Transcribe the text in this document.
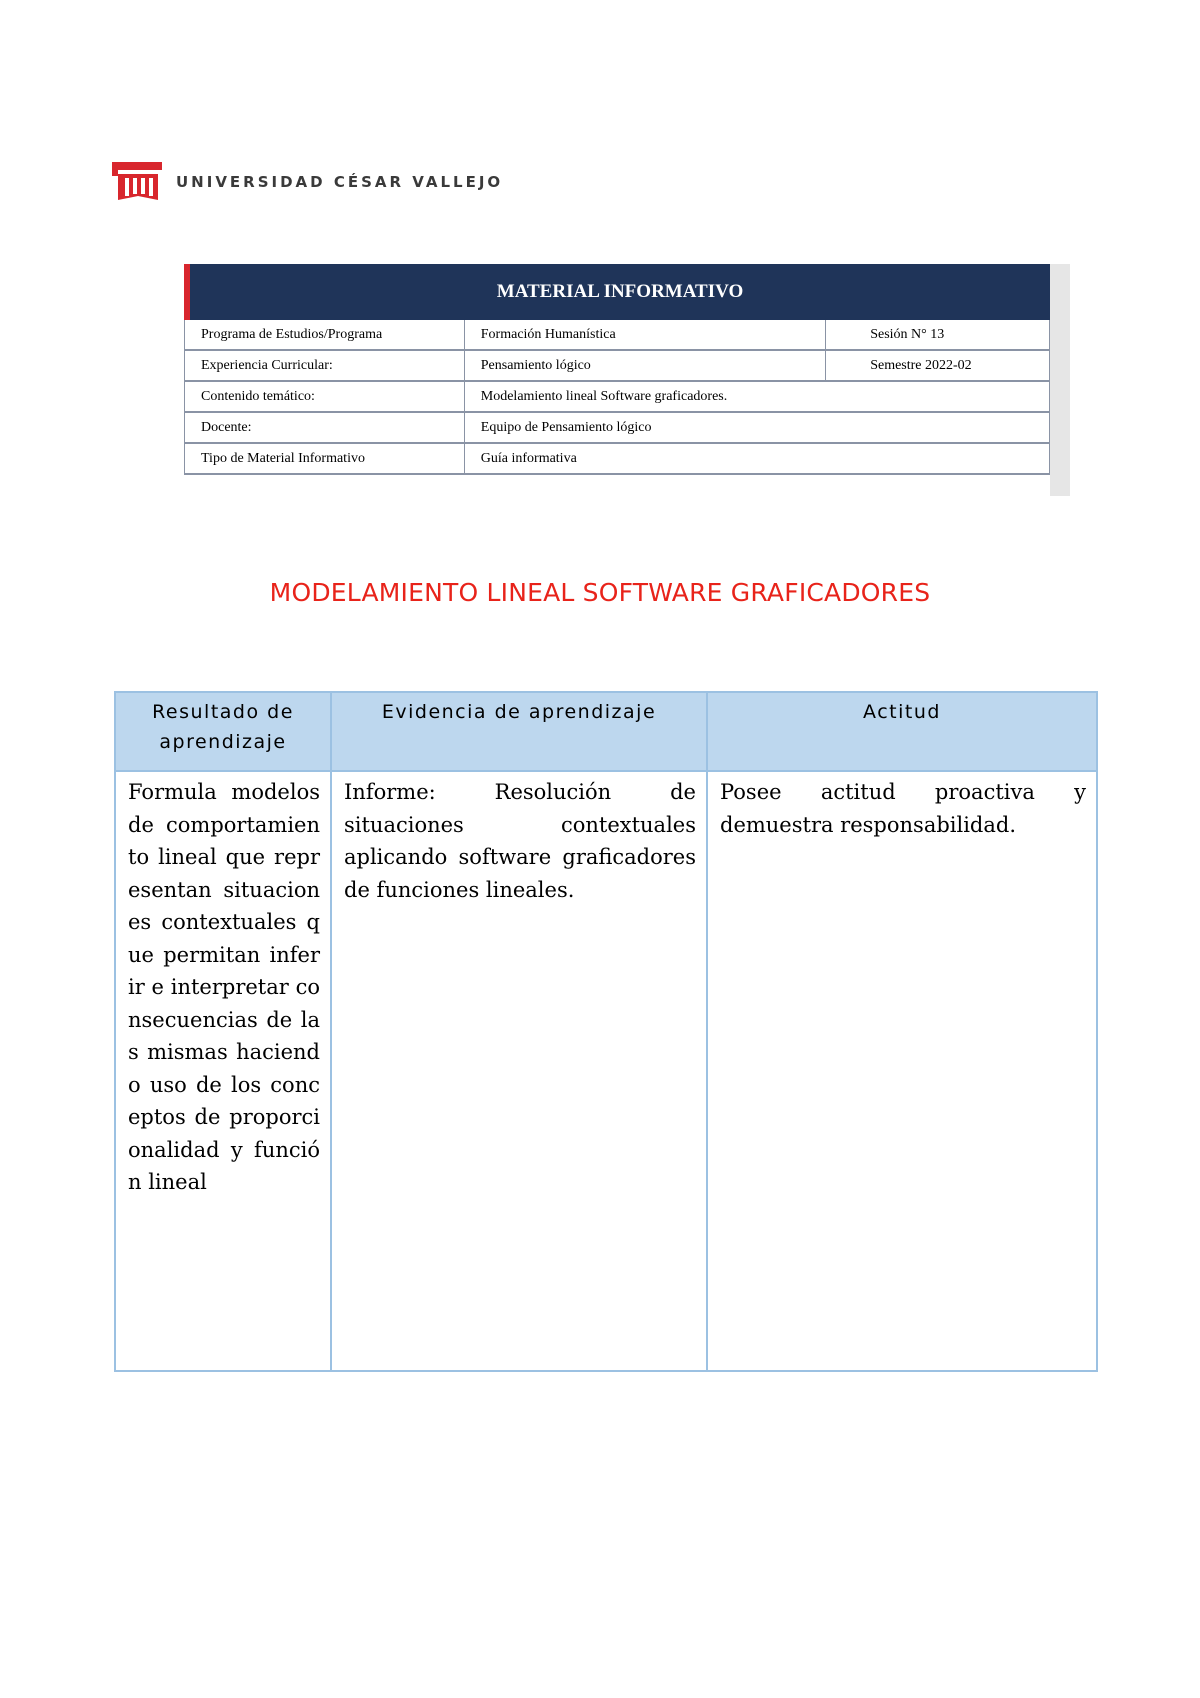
UNIVERSIDAD CÉSAR VALLEJO
MATERIAL INFORMATIVO
Programa de Estudios/Programa	Formación Humanística	Sesión N° 13
Experiencia Curricular:	Pensamiento lógico	Semestre 2022-02
Contenido temático:	Modelamiento lineal Software graficadores.	
Docente:	Equipo de Pensamiento lógico	
Tipo de Material Informativo	Guía informativa	
MODELAMIENTO LINEAL SOFTWARE GRAFICADORES
Resultado de aprendizaje	Evidencia de aprendizaje	Actitud
Formula modelos de comportamiento lineal que representan situaciones contextuales que permitan inferir e interpretar consecuencias de las mismas haciendo uso de los conceptos de proporcionalidad y función lineal	Informe: Resolución de situaciones contextuales aplicando software graficadores de funciones lineales.	Posee actitud proactiva y demuestra responsabilidad.
